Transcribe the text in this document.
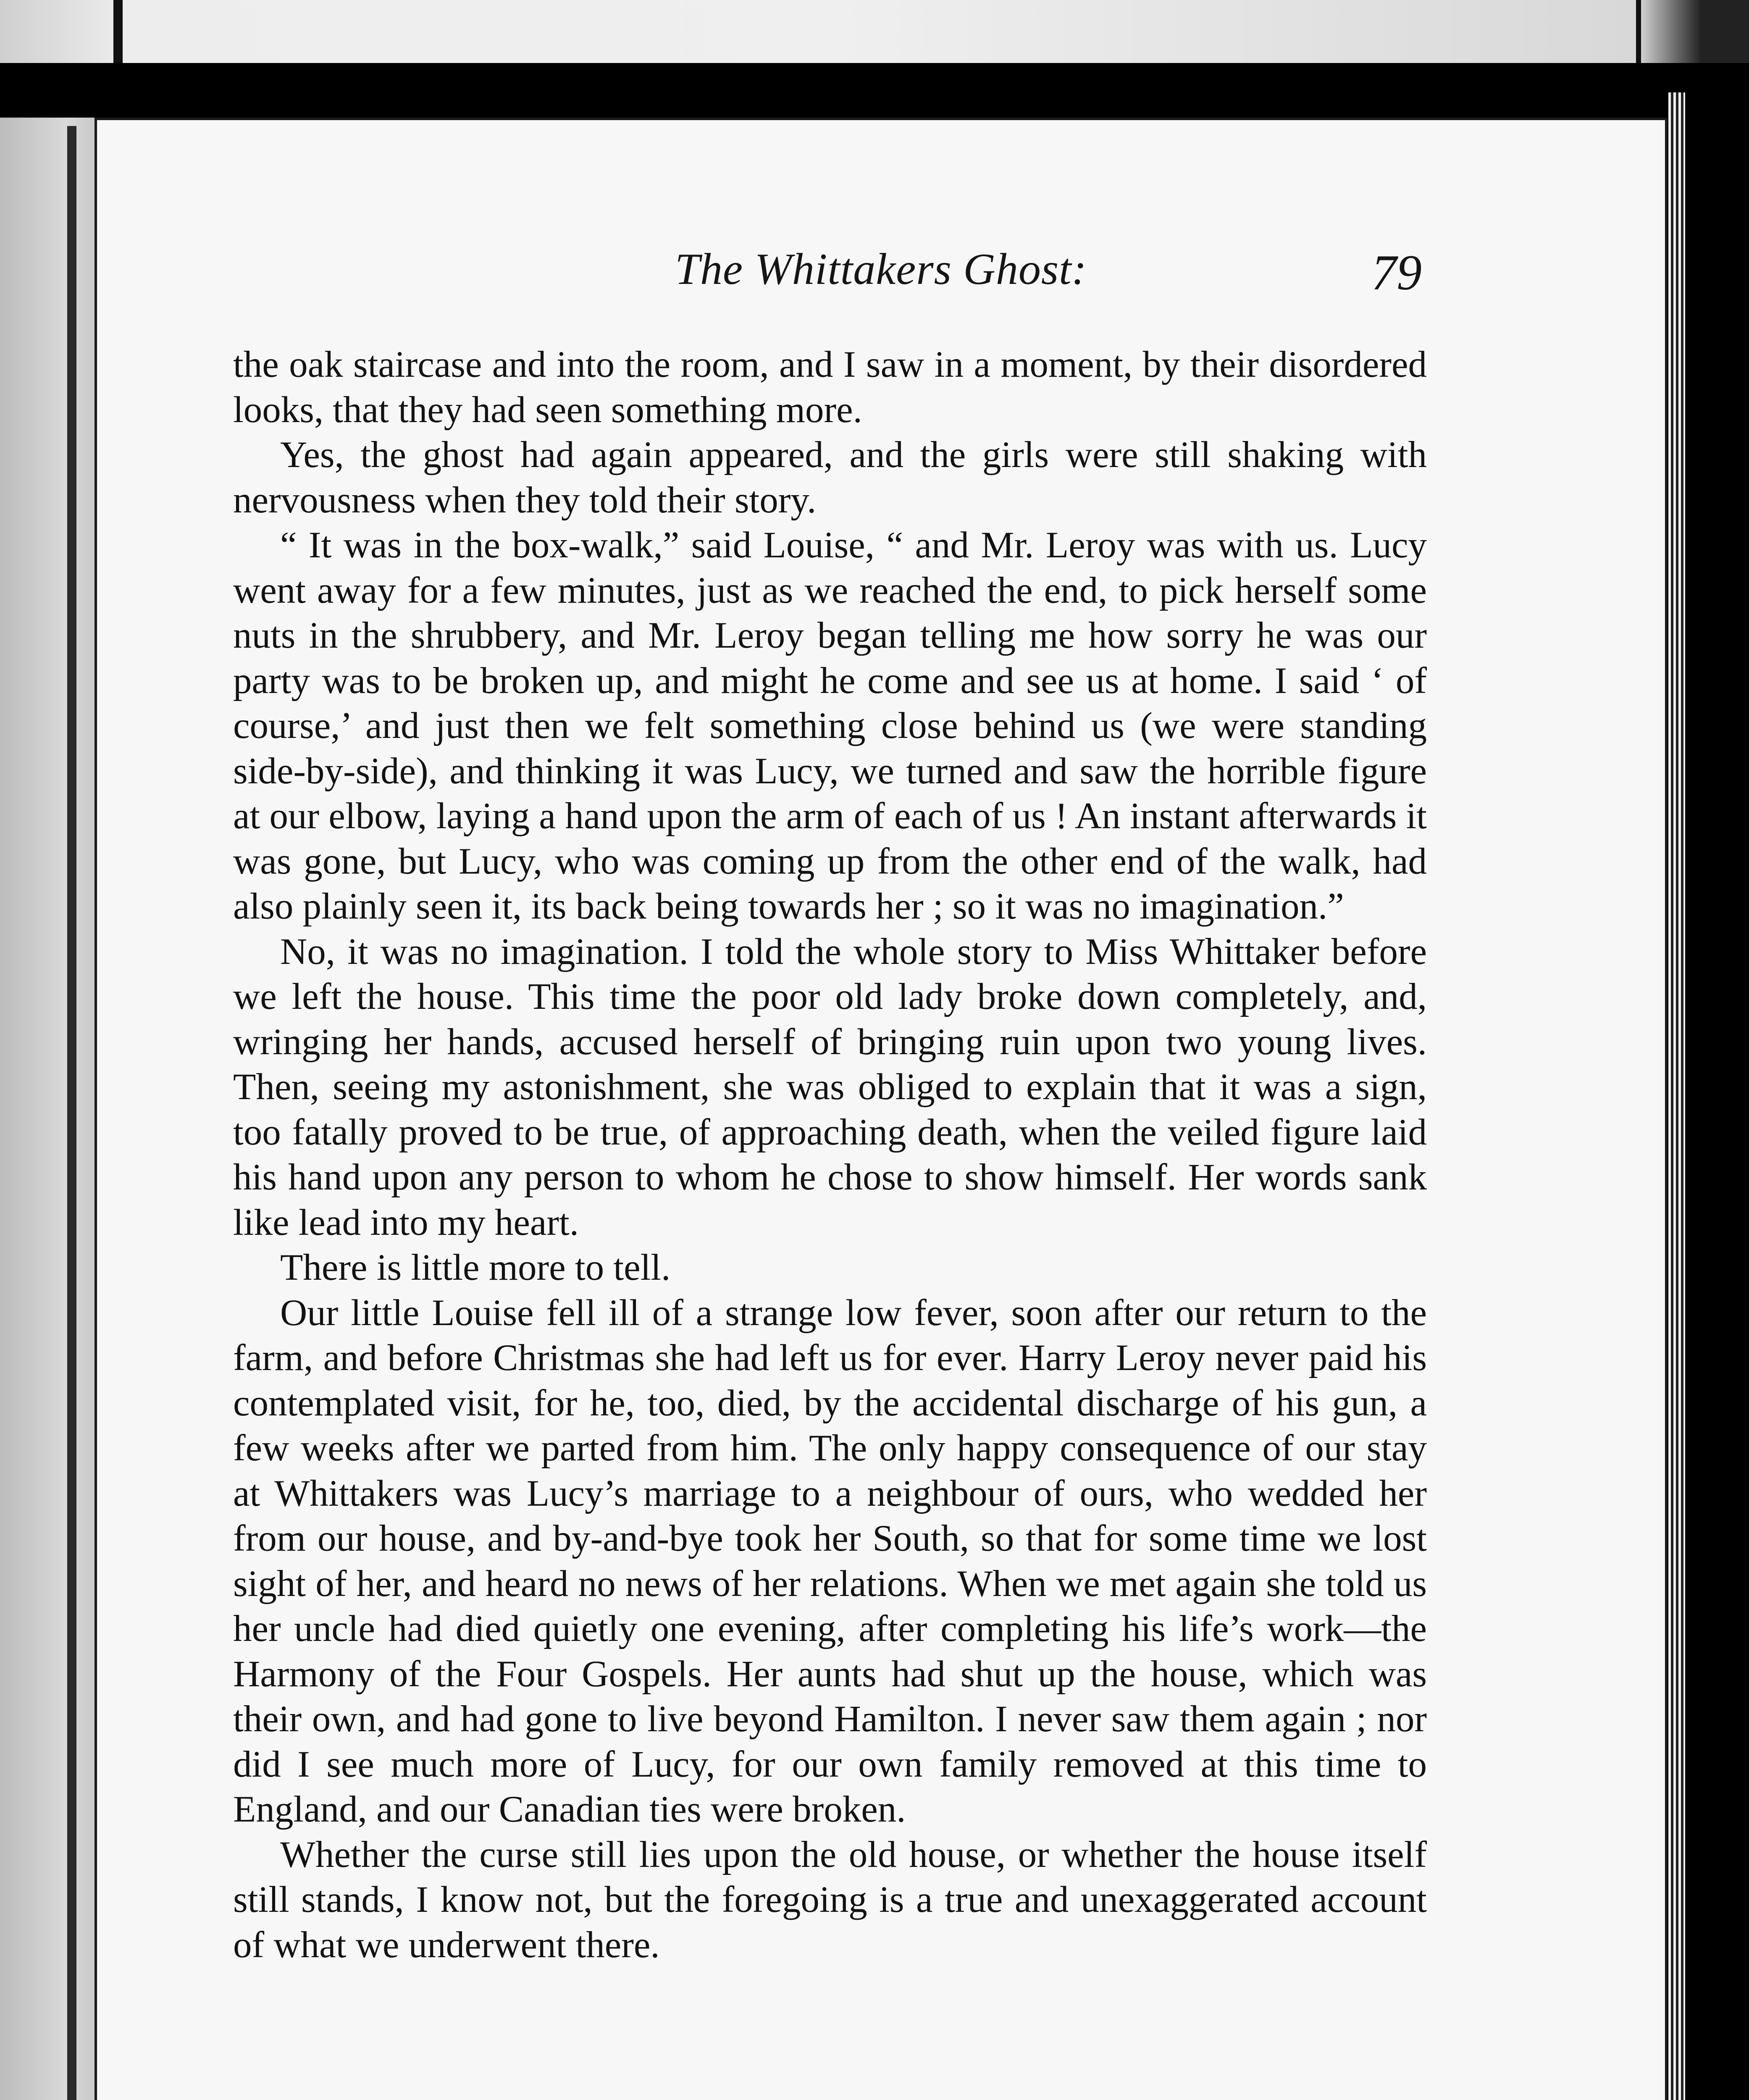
The Whittakers Ghost:	79

the oak staircase and into the room, and I saw in a moment, by their disordered looks, that they had seen something more.

Yes, the ghost had again appeared, and the girls were still shaking with nervousness when they told their story.

“ It was in the box-walk,” said Louise, “ and Mr. Leroy was with us. Lucy went away for a few minutes, just as we reached the end, to pick herself some nuts in the shrubbery, and Mr. Leroy began telling me how sorry he was our party was to be broken up, and might he come and see us at home. I said ‘ of course,’ and just then we felt something close behind us (we were standing side-by-side), and thinking it was Lucy, we turned and saw the horrible figure at our elbow, laying a hand upon the arm of each of us ! An instant afterwards it was gone, but Lucy, who was coming up from the other end of the walk, had also plainly seen it, its back being towards her ; so it was no imagination.”

No, it was no imagination. I told the whole story to Miss Whittaker before we left the house. This time the poor old lady broke down completely, and, wringing her hands, accused herself of bringing ruin upon two young lives. Then, seeing my astonishment, she was obliged to explain that it was a sign, too fatally proved to be true, of approaching death, when the veiled figure laid his hand upon any person to whom he chose to show himself. Her words sank like lead into my heart.

There is little more to tell.

Our little Louise fell ill of a strange low fever, soon after our return to the farm, and before Christmas she had left us for ever. Harry Leroy never paid his contemplated visit, for he, too, died, by the accidental discharge of his gun, a few weeks after we parted from him. The only happy consequence of our stay at Whittakers was Lucy’s marriage to a neighbour of ours, who wedded her from our house, and by-and-bye took her South, so that for some time we lost sight of her, and heard no news of her relations. When we met again she told us her uncle had died quietly one evening, after completing his life’s work—the Harmony of the Four Gospels. Her aunts had shut up the house, which was their own, and had gone to live beyond Hamilton. I never saw them again ; nor did I see much more of Lucy, for our own family removed at this time to England, and our Canadian ties were broken.

Whether the curse still lies upon the old house, or whether the house itself still stands, I know not, but the foregoing is a true and unexaggerated account of what we underwent there.
